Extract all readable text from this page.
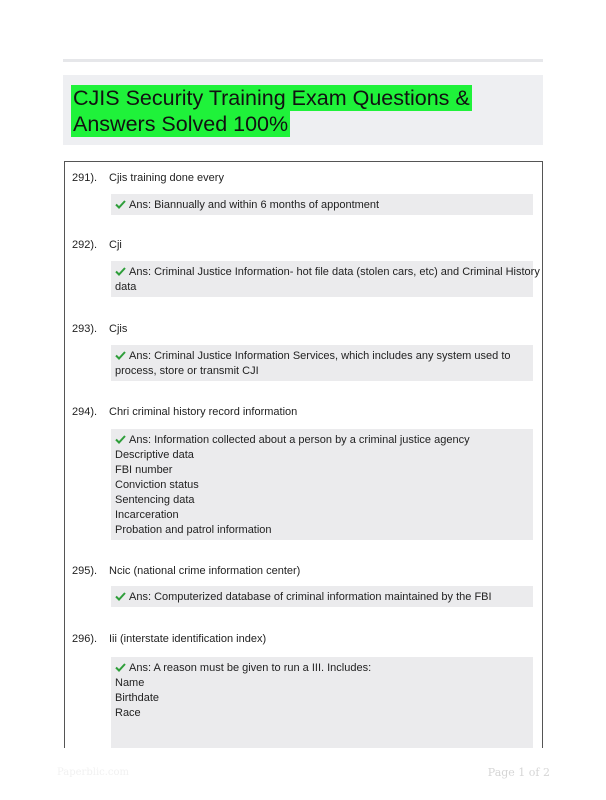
CJIS Security Training Exam Questions & Answers Solved 100%
291). Cjis training done every
Ans: Biannually and within 6 months of appontment
292). Cji
Ans: Criminal Justice Information- hot file data (stolen cars, etc) and Criminal History
data
293). Cjis
Ans: Criminal Justice Information Services, which includes any system used to
process, store or transmit CJI
294). Chri criminal history record information
Ans: Information collected about a person by a criminal justice agency
Descriptive data
FBI number
Conviction status
Sentencing data
Incarceration
Probation and patrol information
295). Ncic (national crime information center)
Ans: Computerized database of criminal information maintained by the FBI
296). Iii (interstate identification index)
Ans: A reason must be given to run a III. Includes:
Name
Birthdate
Race
Paperblic.com	Page 1 of 2
